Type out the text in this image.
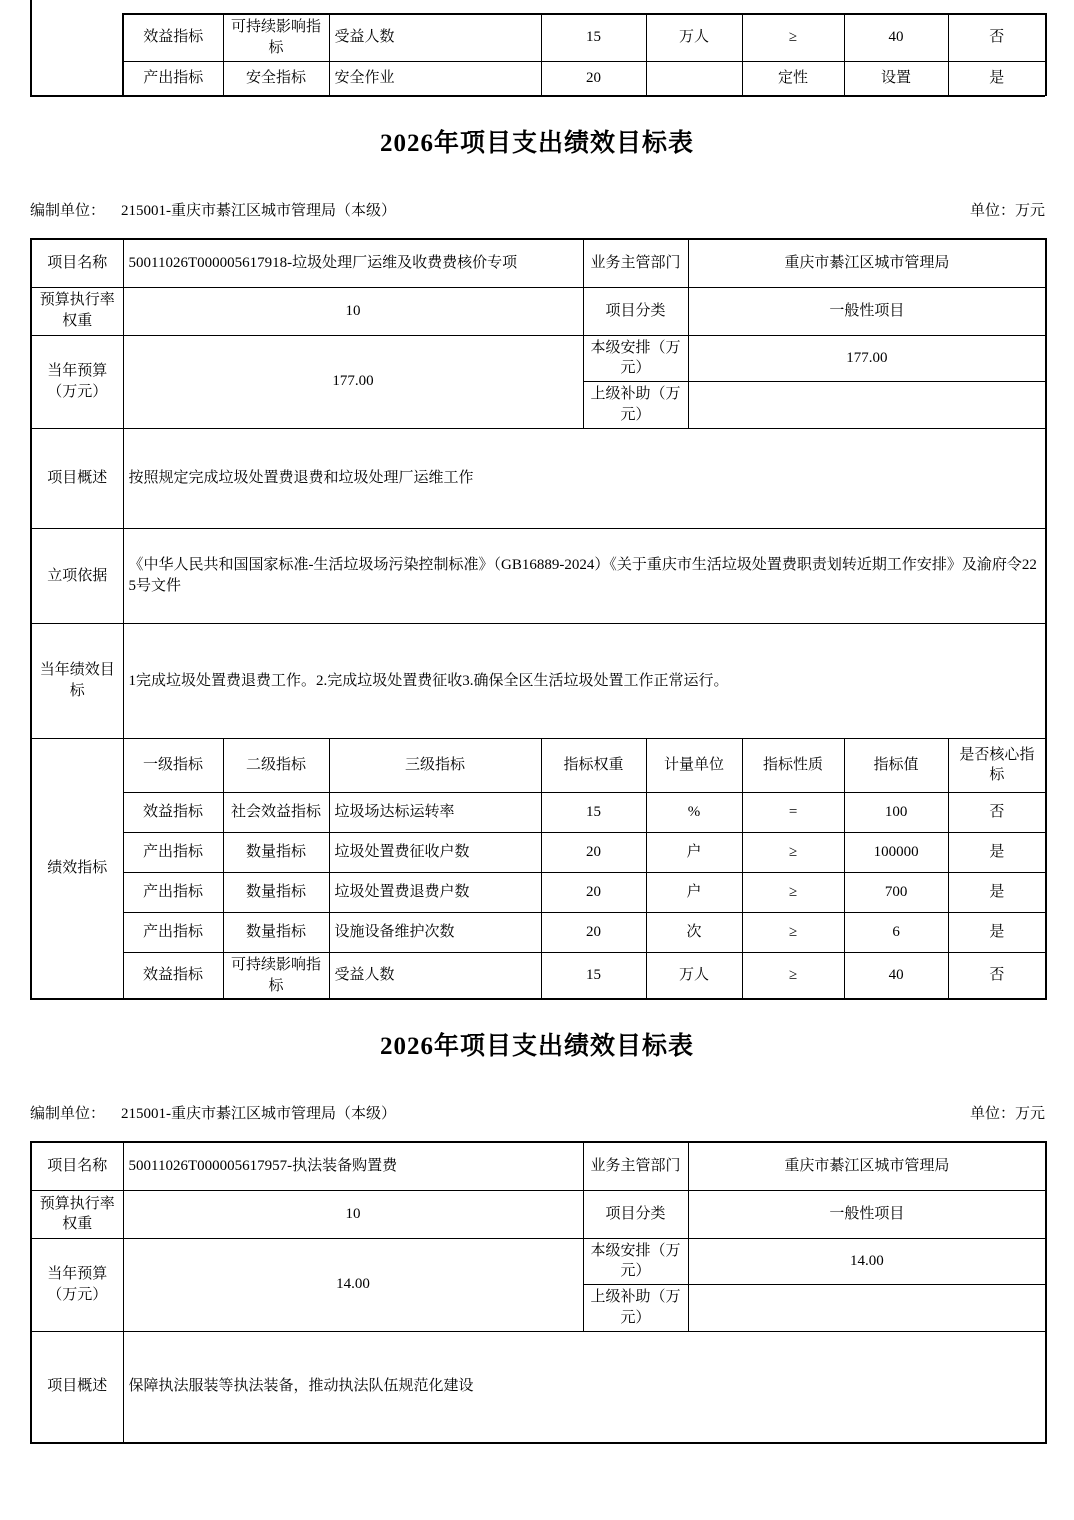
效益指标	可持续影响指标	受益人数	15	万人	≥	40	否
产出指标	安全指标	安全作业	20		定性	设置	是
2026年项目支出绩效目标表
编制单位： 215001-重庆市綦江区城市管理局（本级）	单位：万元
项目名称	50011026T000005617918-垃圾处理厂运维及收费费核价专项				业务主管部门		重庆市綦江区城市管理局			
预算执行率权重	10				项目分类		一般性项目			
当年预算（万元）	177.00				本级安排（万元）		177.00			
					上级补助（万元）					
项目概述	按照规定完成垃圾处置费退费和垃圾处理厂运维工作									
立项依据	《中华人民共和国国家标准-生活垃圾场污染控制标准》（GB16889-2024）《关于重庆市生活垃圾处置费职责划转近期工作安排》及渝府令225号文件									
当年绩效目标	1完成垃圾处置费退费工作。2.完成垃圾处置费征收3.确保全区生活垃圾处置工作正常运行。									
绩效指标	一级指标	二级指标	三级指标	指标权重		计量单位		指标性质	指标值	是否核心指标
	效益指标	社会效益指标	垃圾场达标运转率	15		%		=	100	否
	产出指标	数量指标	垃圾处置费征收户数	20		户		≥	100000	是
	产出指标	数量指标	垃圾处置费退费户数	20		户		≥	700	是
	产出指标	数量指标	设施设备维护次数	20		次		≥	6	是
	效益指标	可持续影响指标	受益人数	15		万人		≥	40	否
2026年项目支出绩效目标表
编制单位： 215001-重庆市綦江区城市管理局（本级）	单位：万元
项目名称	50011026T000005617957-执法装备购置费	业务主管部门	重庆市綦江区城市管理局
预算执行率权重	10	项目分类	一般性项目
当年预算（万元）	14.00	本级安排（万元）	14.00
		上级补助（万元）	
项目概述	保障执法服装等执法装备，推动执法队伍规范化建设		
